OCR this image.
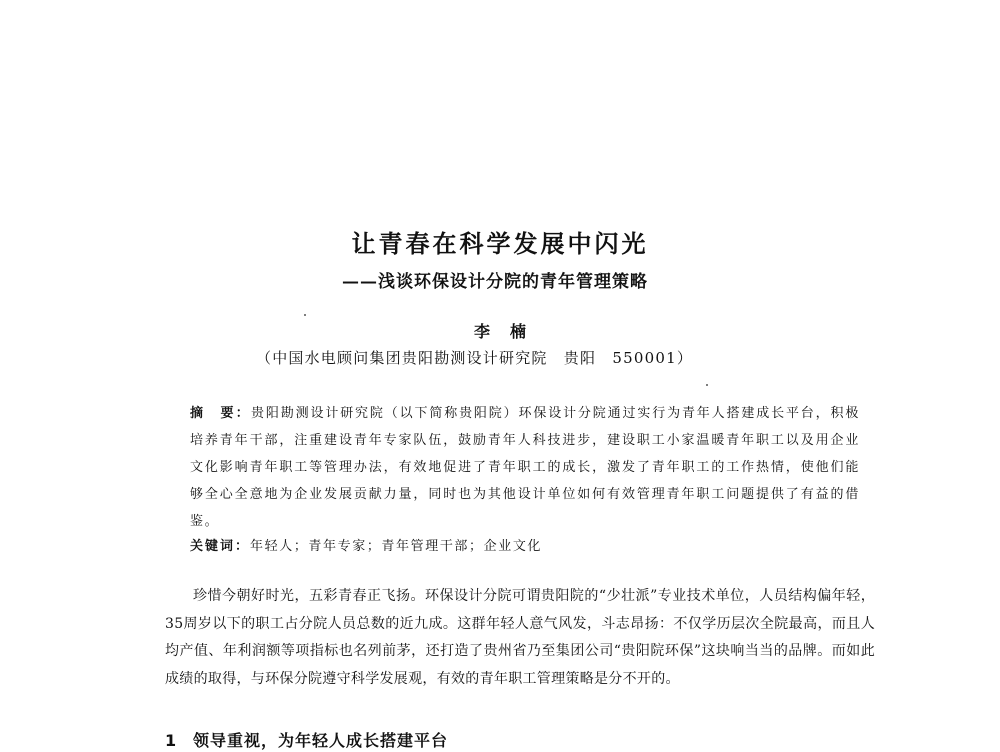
让青春在科学发展中闪光
——浅谈环保设计分院的青年管理策略
李楠
（中国水电顾问集团贵阳勘测设计研究院　贵阳　550001）
摘　要：贵阳勘测设计研究院（以下简称贵阳院）环保设计分院通过实行为青年人搭建成长平台，积极培养青年干部，注重建设青年专家队伍，鼓励青年人科技进步，建设职工小家温暖青年职工以及用企业文化影响青年职工等管理办法，有效地促进了青年职工的成长，激发了青年职工的工作热情，使他们能够全心全意地为企业发展贡献力量，同时也为其他设计单位如何有效管理青年职工问题提供了有益的借鉴。
关键词：年轻人；青年专家；青年管理干部；企业文化

珍惜今朝好时光，五彩青春正飞扬。环保设计分院可谓贵阳院的“少壮派”专业技术单位，人员结构偏年轻，35周岁以下的职工占分院人员总数的近九成。这群年轻人意气风发，斗志昂扬：不仅学历层次全院最高，而且人均产值、年利润额等项指标也名列前茅，还打造了贵州省乃至集团公司“贵阳院环保”这块响当当的品牌。而如此成绩的取得，与环保分院遵守科学发展观，有效的青年职工管理策略是分不开的。

1 领导重视，为年轻人成长搭建平台
